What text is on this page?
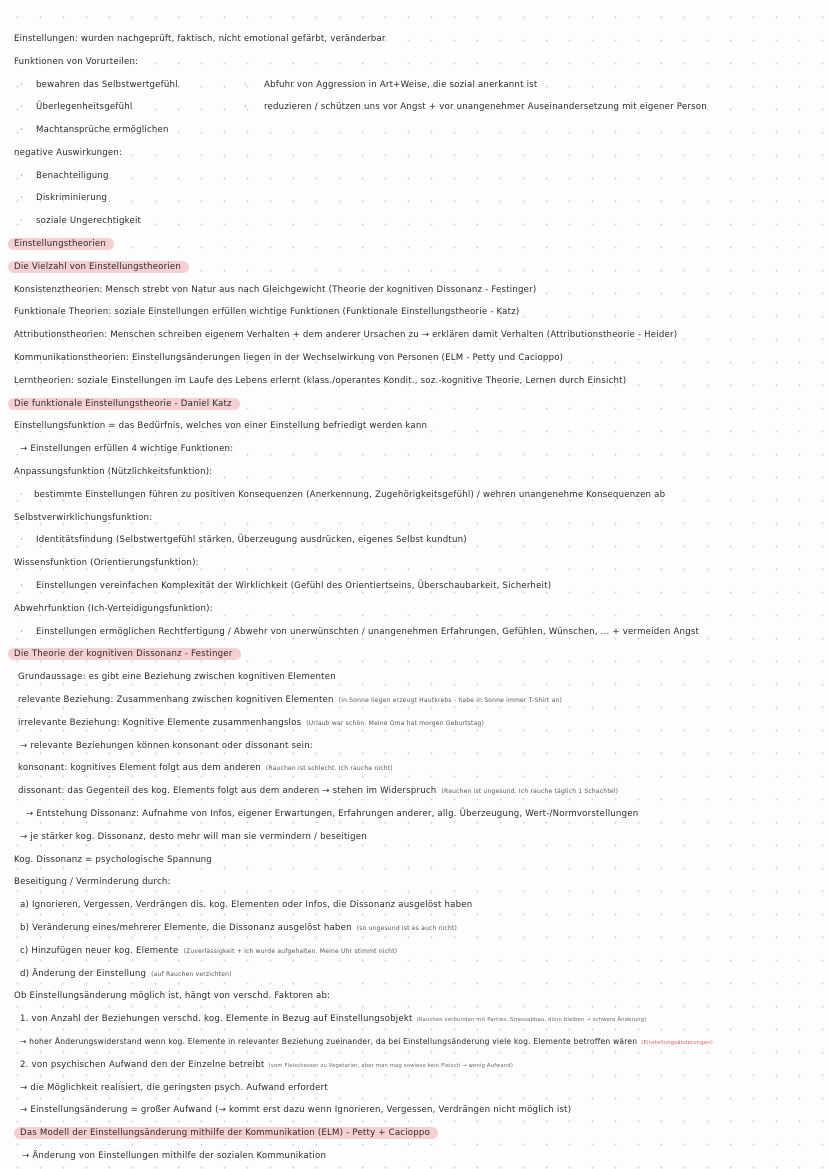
Einstellungen: wurden nachgeprüft, faktisch, nicht emotional gefärbt, veränderbar
Funktionen von Vorurteilen:
· bewahren das Selbstwertgefühl	· Abfuhr von Aggression in Art+Weise, die sozial anerkannt ist
· Überlegenheitsgefühl	· reduzieren / schützen uns vor Angst + vor unangenehmer Auseinandersetzung mit eigener Person
· Machtansprüche ermöglichen
negative Auswirkungen:
· Benachteiligung
· Diskriminierung
· soziale Ungerechtigkeit
Einstellungstheorien
Die Vielzahl von Einstellungstheorien
Konsistenztheorien: Mensch strebt von Natur aus nach Gleichgewicht (Theorie der kognitiven Dissonanz - Festinger)
Funktionale Theorien: soziale Einstellungen erfüllen wichtige Funktionen (Funktionale Einstellungstheorie - Katz)
Attributionstheorien: Menschen schreiben eigenem Verhalten + dem anderer Ursachen zu → erklären damit Verhalten (Attributionstheorie - Heider)
Kommunikationstheorien: Einstellungsänderungen liegen in der Wechselwirkung von Personen (ELM - Petty und Cacioppo)
Lerntheorien: soziale Einstellungen im Laufe des Lebens erlernt (klass./operantes Kondit., soz.-kognitive Theorie, Lernen durch Einsicht)
Die funktionale Einstellungstheorie - Daniel Katz
Einstellungsfunktion = das Bedürfnis, welches von einer Einstellung befriedigt werden kann
→ Einstellungen erfüllen 4 wichtige Funktionen:
Anpassungsfunktion (Nützlichkeitsfunktion):
· bestimmte Einstellungen führen zu positiven Konsequenzen (Anerkennung, Zugehörigkeitsgefühl) / wehren unangenehme Konsequenzen ab
Selbstverwirklichungsfunktion:
· Identitätsfindung (Selbstwertgefühl stärken, Überzeugung ausdrücken, eigenes Selbst kundtun)
Wissensfunktion (Orientierungsfunktion):
· Einstellungen vereinfachen Komplexität der Wirklichkeit (Gefühl des Orientiertseins, Überschaubarkeit, Sicherheit)
Abwehrfunktion (Ich-Verteidigungsfunktion):
· Einstellungen ermöglichen Rechtfertigung / Abwehr von unerwünschten / unangenehmen Erfahrungen, Gefühlen, Wünschen, ... + vermeiden Angst
Die Theorie der kognitiven Dissonanz - Festinger
Grundaussage: es gibt eine Beziehung zwischen kognitiven Elementen
relevante Beziehung: Zusammenhang zwischen kognitiven Elementen (in Sonne liegen erzeugt Hautkrebs - habe in Sonne immer T-Shirt an)
irrelevante Beziehung: Kognitive Elemente zusammenhangslos (Urlaub war schön. Meine Oma hat morgen Geburtstag)
→ relevante Beziehungen können konsonant oder dissonant sein:
konsonant: kognitives Element folgt aus dem anderen (Rauchen ist schlecht. Ich rauche nicht)
dissonant: das Gegenteil des kog. Elements folgt aus dem anderen → stehen im Widerspruch (Rauchen ist ungesund. Ich rauche täglich 1 Schachtel)
→ Entstehung Dissonanz: Aufnahme von Infos, eigener Erwartungen, Erfahrungen anderer, allg. Überzeugung, Wert-/Normvorstellungen
→ je stärker kog. Dissonanz, desto mehr will man sie vermindern / beseitigen
Kog. Dissonanz = psychologische Spannung
Beseitigung / Verminderung durch:
a) Ignorieren, Vergessen, Verdrängen dis. kog. Elementen oder Infos, die Dissonanz ausgelöst haben
b) Veränderung eines/mehrerer Elemente, die Dissonanz ausgelöst haben (so ungesund ist es auch nicht)
c) Hinzufügen neuer kog. Elemente (Zuverlässigkeit + ich wurde aufgehalten. Meine Uhr stimmt nicht)
d) Änderung der Einstellung (auf Rauchen verzichten)
Ob Einstellungsänderung möglich ist, hängt von verschd. Faktoren ab:
1. von Anzahl der Beziehungen verschd. kog. Elemente in Bezug auf Einstellungsobjekt (Rauchen verbunden mit Parties, Stressabbau, dünn bleiben → schwere Änderung)
→ hoher Änderungswiderstand wenn kog. Elemente in relevanter Beziehung zueinander, da bei Einstellungsänderung viele kog. Elemente betroffen wären (Einstellungsänderungen)
2. von psychischen Aufwand den der Einzelne betreibt (vom Fleischesser zu Vegetarier, aber man mag sowieso kein Fleisch → wenig Aufwand)
→ die Möglichkeit realisiert, die geringsten psych. Aufwand erfordert
→ Einstellungsänderung = großer Aufwand (→ kommt erst dazu wenn Ignorieren, Vergessen, Verdrängen nicht möglich ist)
Das Modell der Einstellungsänderung mithilfe der Kommunikation (ELM) - Petty + Cacioppo
→ Änderung von Einstellungen mithilfe der sozialen Kommunikation
